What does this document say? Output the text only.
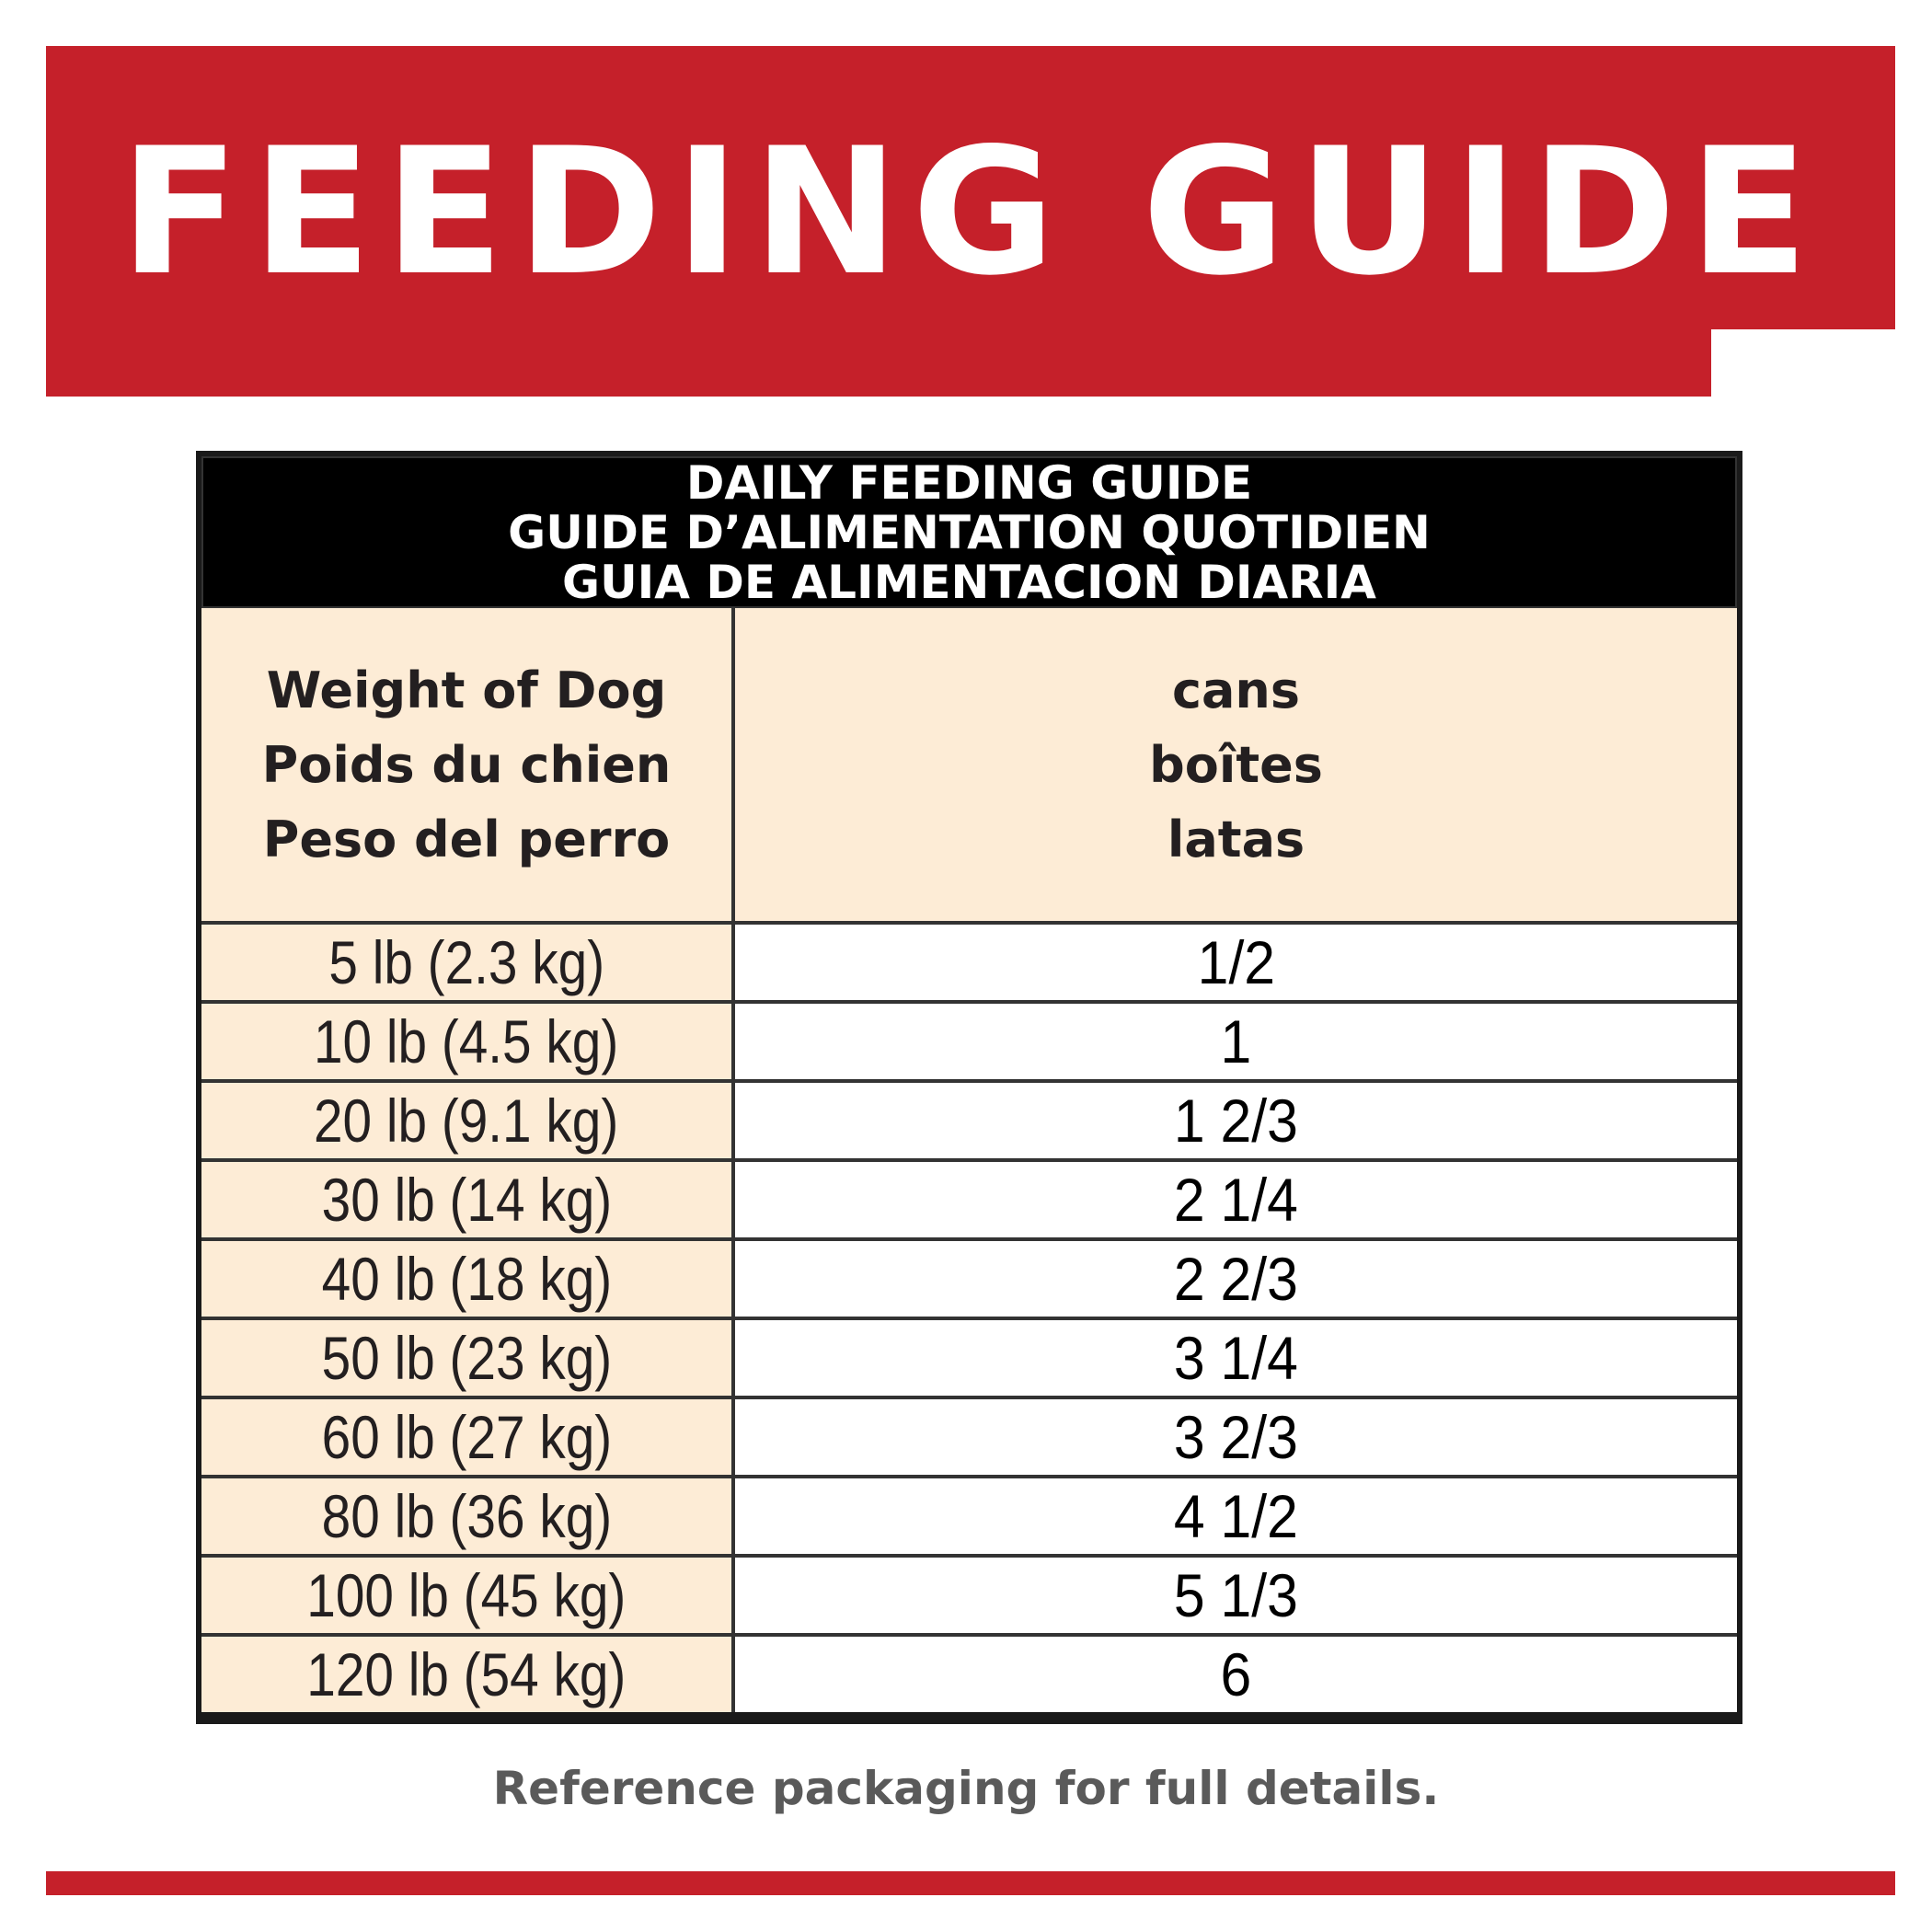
FEEDING GUIDE
DAILY FEEDING GUIDE
GUIDE D’ALIMENTATION QUOTIDIEN
GUIA DE ALIMENTACION DIARIA
Weight of Dog
Poids du chien
Peso del perro
cans
boîtes
latas
5 lb (2.3 kg)	1/2
10 lb (4.5 kg)	1
20 lb (9.1 kg)	1 2/3
30 lb (14 kg)	2 1/4
40 lb (18 kg)	2 2/3
50 lb (23 kg)	3 1/4
60 lb (27 kg)	3 2/3
80 lb (36 kg)	4 1/2
100 lb (45 kg)	5 1/3
120 lb (54 kg)	6
Reference packaging for full details.
